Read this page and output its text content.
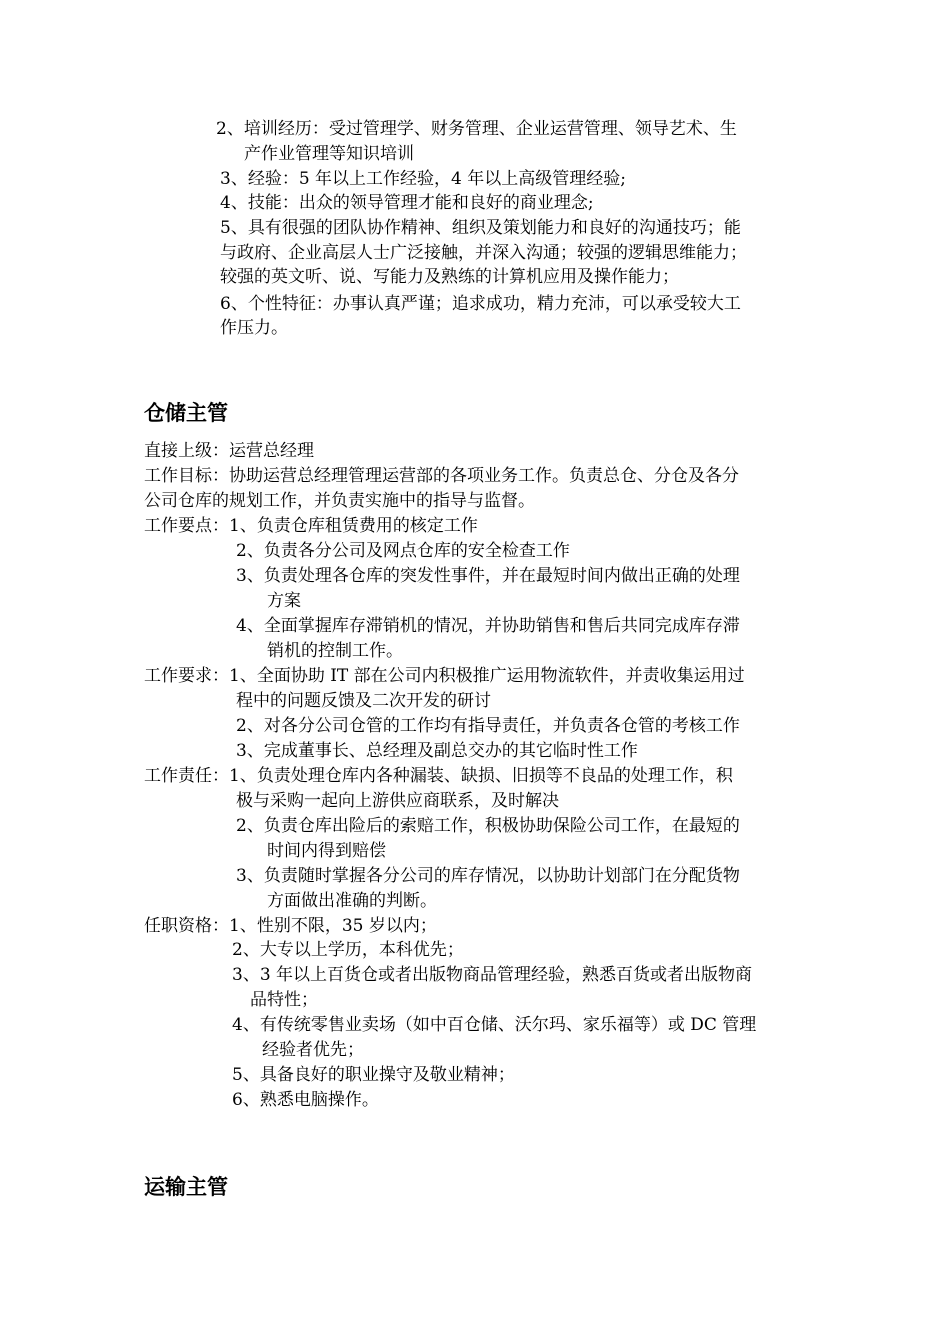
2、培训经历：受过管理学、财务管理、企业运营管理、领导艺术、生
产作业管理等知识培训
3、经验：5 年以上工作经验，4 年以上高级管理经验;
4、技能：出众的领导管理才能和良好的商业理念;
5、具有很强的团队协作精神、组织及策划能力和良好的沟通技巧；能
与政府、企业高层人士广泛接触，并深入沟通；较强的逻辑思维能力；
较强的英文听、说、写能力及熟练的计算机应用及操作能力；
6、个性特征：办事认真严谨；追求成功，精力充沛，可以承受较大工
作压力。
仓储主管
直接上级：运营总经理
工作目标：协助运营总经理管理运营部的各项业务工作。负责总仓、分仓及各分
公司仓库的规划工作，并负责实施中的指导与监督。
工作要点：1、负责仓库租赁费用的核定工作
2、负责各分公司及网点仓库的安全检查工作
3、负责处理各仓库的突发性事件，并在最短时间内做出正确的处理
方案
4、全面掌握库存滞销机的情况，并协助销售和售后共同完成库存滞
销机的控制工作。
工作要求：1、全面协助 IT 部在公司内积极推广运用物流软件，并责收集运用过
程中的问题反馈及二次开发的研讨
2、对各分公司仓管的工作均有指导责任，并负责各仓管的考核工作
3、完成董事长、总经理及副总交办的其它临时性工作
工作责任：1、负责处理仓库内各种漏装、缺损、旧损等不良品的处理工作，积
极与采购一起向上游供应商联系，及时解决
2、负责仓库出险后的索赔工作，积极协助保险公司工作，在最短的
时间内得到赔偿
3、负责随时掌握各分公司的库存情况，以协助计划部门在分配货物
方面做出准确的判断。
任职资格：1、性别不限，35 岁以内；
2、大专以上学历，本科优先；
3、3 年以上百货仓或者出版物商品管理经验，熟悉百货或者出版物商
品特性；
4、有传统零售业卖场（如中百仓储、沃尔玛、家乐福等）或 DC 管理
经验者优先；
5、具备良好的职业操守及敬业精神；
6、熟悉电脑操作。
运输主管
